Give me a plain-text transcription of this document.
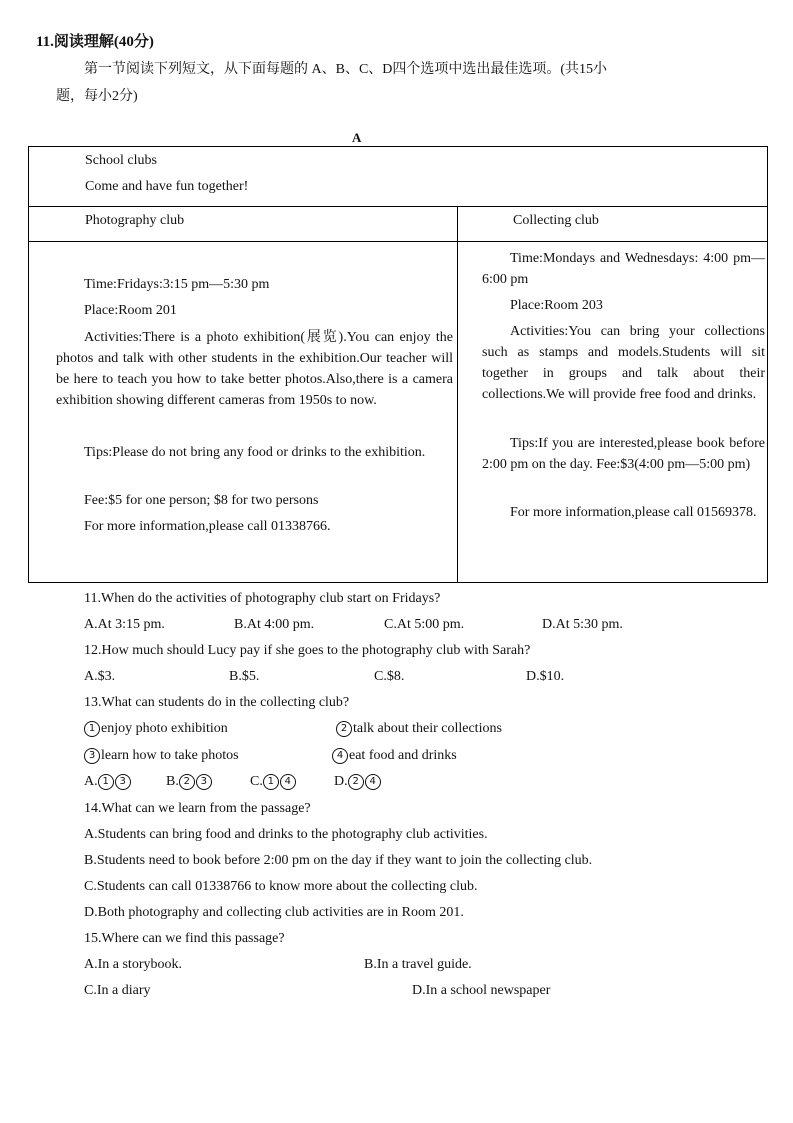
11.阅读理解(40分)
第一节阅读下列短文，从下面每题的 A、B、C、D四个选项中选出最佳选项。(共15小
题，每小2分)
A
School clubs
Come and have fun together!
Photography club	Collecting club
Time:Fridays:3:15 pm—5:30 pm
Place:Room 201
Activities:There is a photo exhibition(展览).You can enjoy the photos and talk with other students in the exhibition.Our teacher will be here to teach you how to take better photos.Also,there is a camera exhibition showing different cameras from 1950s to now.
Tips:Please do not bring any food or drinks to the exhibition.
Fee:$5 for one person; $8 for two persons
For more information,please call 01338766.
Time:Mondays and Wednesdays: 4:00 pm—6:00 pm
Place:Room 203
Activities:You can bring your collections such as stamps and models.Students will sit together in groups and talk about their collections.We will provide free food and drinks.
Tips:If you are interested,please book before 2:00 pm on the day. Fee:$3(4:00 pm—5:00 pm)
For more information,please call 01569378.
11.When do the activities of photography club start on Fridays?
A.At 3:15 pm.	B.At 4:00 pm.	C.At 5:00 pm.	D.At 5:30 pm.
12.How much should Lucy pay if she goes to the photography club with Sarah?
A.$3.	B.$5.	C.$8.	D.$10.
13.What can students do in the collecting club?
1 enjoy photo exhibition	2 talk about their collections
3 learn how to take photos	4 eat food and drinks
A. 1 3	B. 2 3	C. 1 4	D. 2 4
14.What can we learn from the passage?
A.Students can bring food and drinks to the photography club activities.
B.Students need to book before 2:00 pm on the day if they want to join the collecting club.
C.Students can call 01338766 to know more about the collecting club.
D.Both photography and collecting club activities are in Room 201.
15.Where can we find this passage?
A.In a storybook.	B.In a travel guide.
C.In a diary	D.In a school newspaper
